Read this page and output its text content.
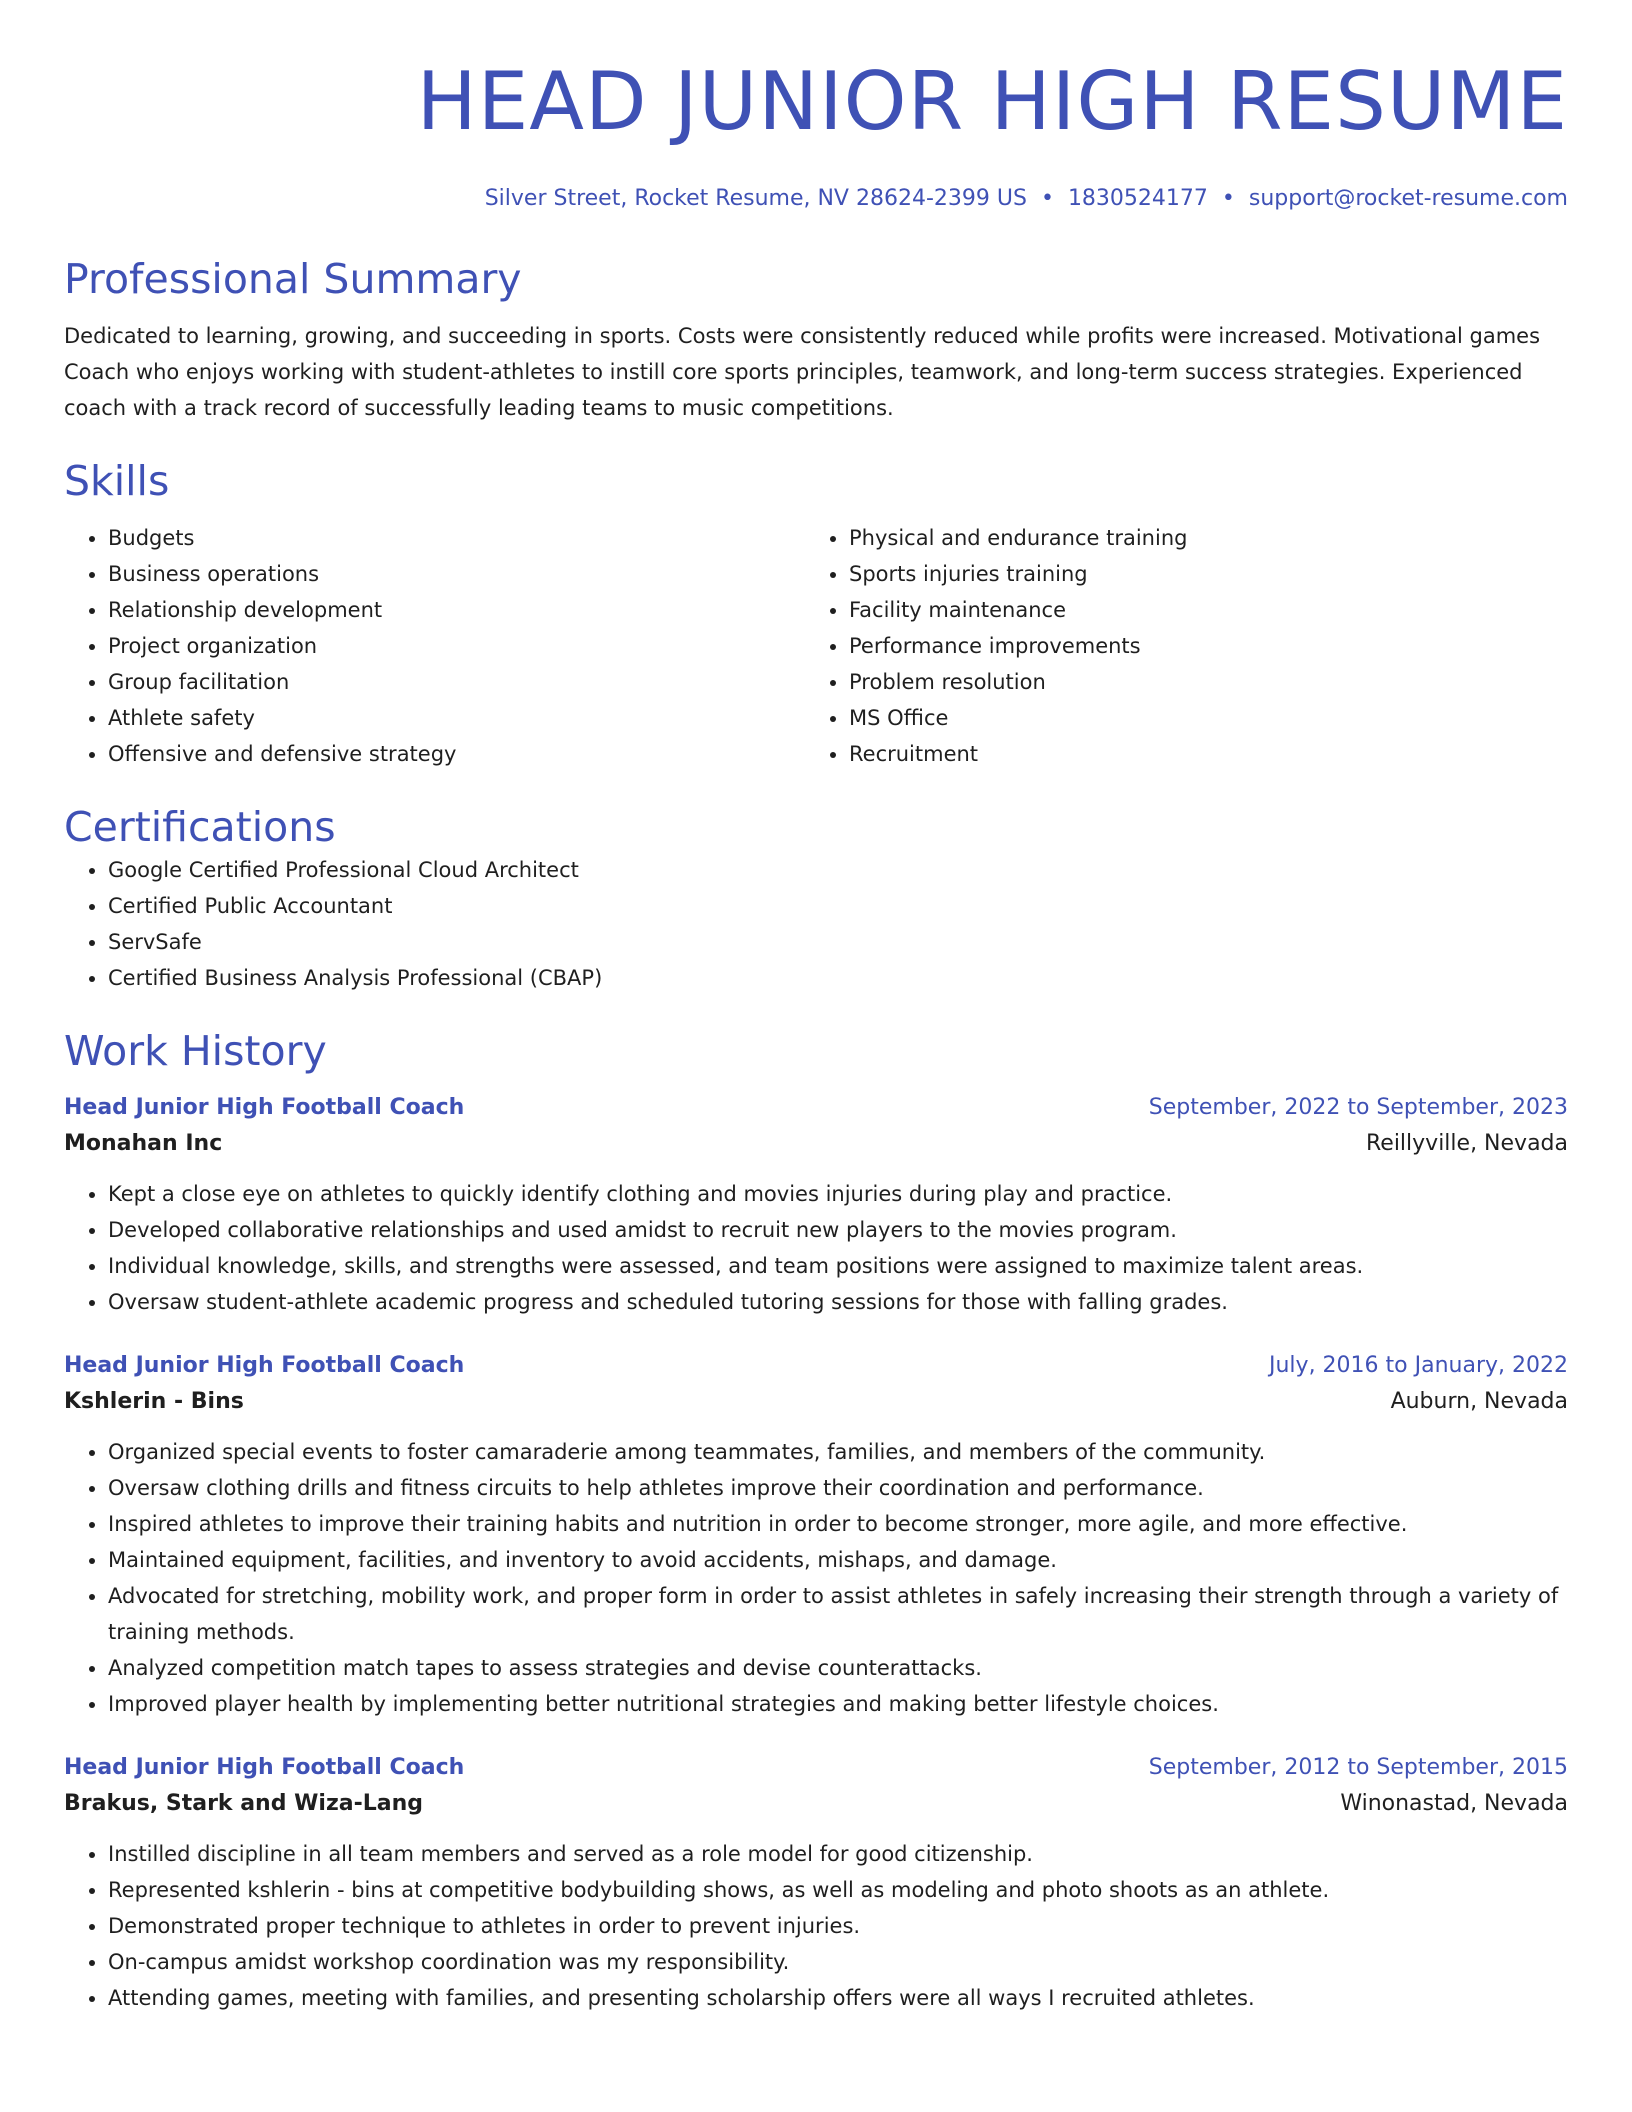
HEAD JUNIOR HIGH RESUME
Silver Street, Rocket Resume, NV 28624-2399 US • 1830524177 • support@rocket-resume.com
Professional Summary

Dedicated to learning, growing, and succeeding in sports. Costs were consistently reduced while profits were increased. Motivational games Coach who enjoys working with student-athletes to instill core sports principles, teamwork, and long-term success strategies. Experienced coach with a track record of successfully leading teams to music competitions.

Skills
• Budgets
• Business operations
• Relationship development
• Project organization
• Group facilitation
• Athlete safety
• Offensive and defensive strategy
• Physical and endurance training
• Sports injuries training
• Facility maintenance
• Performance improvements
• Problem resolution
• MS Office
• Recruitment
Certifications
• Google Certified Professional Cloud Architect
• Certified Public Accountant
• ServSafe
• Certified Business Analysis Professional (CBAP)
Work History
Head Junior High Football Coach	September, 2022 to September, 2023
Monahan Inc	Reillyville, Nevada
• Kept a close eye on athletes to quickly identify clothing and movies injuries during play and practice.
• Developed collaborative relationships and used amidst to recruit new players to the movies program.
• Individual knowledge, skills, and strengths were assessed, and team positions were assigned to maximize talent areas.
• Oversaw student-athlete academic progress and scheduled tutoring sessions for those with falling grades.
Head Junior High Football Coach	July, 2016 to January, 2022
Kshlerin - Bins	Auburn, Nevada
• Organized special events to foster camaraderie among teammates, families, and members of the community.
• Oversaw clothing drills and fitness circuits to help athletes improve their coordination and performance.
• Inspired athletes to improve their training habits and nutrition in order to become stronger, more agile, and more effective.
• Maintained equipment, facilities, and inventory to avoid accidents, mishaps, and damage.
• Advocated for stretching, mobility work, and proper form in order to assist athletes in safely increasing their strength through a variety of training methods.
• Analyzed competition match tapes to assess strategies and devise counterattacks.
• Improved player health by implementing better nutritional strategies and making better lifestyle choices.
Head Junior High Football Coach	September, 2012 to September, 2015
Brakus, Stark and Wiza-Lang	Winonastad, Nevada
• Instilled discipline in all team members and served as a role model for good citizenship.
• Represented kshlerin - bins at competitive bodybuilding shows, as well as modeling and photo shoots as an athlete.
• Demonstrated proper technique to athletes in order to prevent injuries.
• On-campus amidst workshop coordination was my responsibility.
• Attending games, meeting with families, and presenting scholarship offers were all ways I recruited athletes.
